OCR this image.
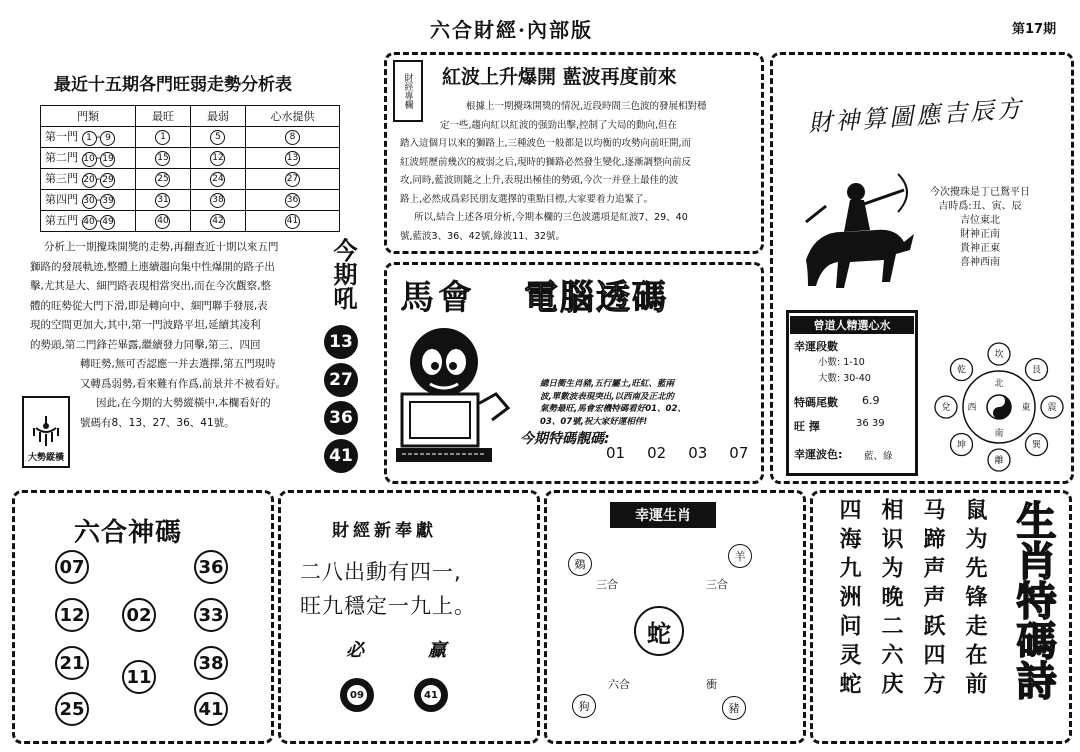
六合財經·內部版	第17期
最近十五期各門旺弱走勢分析表
門類	最旺	最弱	心水提供
第一門 1 - 9	1	5	8
第二門 10 - 19	15	12	13
第三門 20 - 29	25	24	27
第四門 30 - 39	31	38	36
第五門 40 - 49	40	42	41
分析上一期攪珠開獎的走勢,再翻查近十期以來五門
獅路的發展軌迹,整體上連續趨向集中性爆開的路子出
擊,尤其是大、細門路表現相當突出,而在今次觀察,整
體的旺勢從大門下滑,即是轉向中、細門聯手發展,表
現的空間更加大,其中,第一門波路平坦,延續其凌利
的勢頭,第二門鋒芒畢露,繼續發力同擊,第三、四回
轉旺勢,無可否認應一并去選擇,第五門現時
又轉爲弱勢,看來難有作爲,前景并不被看好。
因此,在今期的大勢縱橫中,本欄看好的
號碼有8、13、27、36、41號。
大勢縱橫
今期吼
13
27
36
41
財經專欄 紅波上升爆開 藍波再度前來
根據上一期攪珠開獎的情況,近段時間三色波的發展相對穩
定一些,趨向紅以紅波的强勁出擊,控制了大局的動向,但在
踏入這個月以來的獅路上,三種波色一般都是以均衡的攻勢向前旺開,而
紅波經歷前幾次的疲弱之后,現時的獅路必然發生變化,逐漸調整向前反
攻,同時,藍波則隨之上升,表現出極佳的勢頭,今次一并登上最佳的波
路上,必然成爲彩民朋友選擇的重點目標,大家要着力追緊了。
所以,結合上述各項分析,今期本欄的三色波選項是紅波7、29、40
號,藍波3、36、42號,綠波11、32號。
馬會 電腦透碼
總日衝生肖豬,五行屬土,旺紅、藍兩
波,單數波表現突出,以西南及正北的
氣勢最旺,馬會宏機特碼看好01、02、
03、07號,祝大家好運相伴!
今期特碼靚碼:
01 02 03 07
財神算圖應吉辰方
今次攪珠是丁已鴛平日
吉時爲:丑、寅、辰
吉位東北
財神正南
貴神正東
喜神西南
曾道人精選心水
幸運段數
小數: 1-10
大數: 30-40
特碼尾數 6.9
旺 擇	36 39
幸運波色: 藍、綠
坎
艮
震
巽
離
坤
兌
乾
北
東
南
西
六合神碼
07	36
12 02	33
21
11
38
25	41
財經新奉獻
二八出動有四一,
旺九穩定一九上。
必	贏
09	41
幸運生肖
鷄
羊
三合	三合
蛇
六合	衝
狗	豬
鼠为先锋走在前
马蹄声声跃四方
相识为晚二六庆
四海九洲问灵蛇	生肖特碼詩
